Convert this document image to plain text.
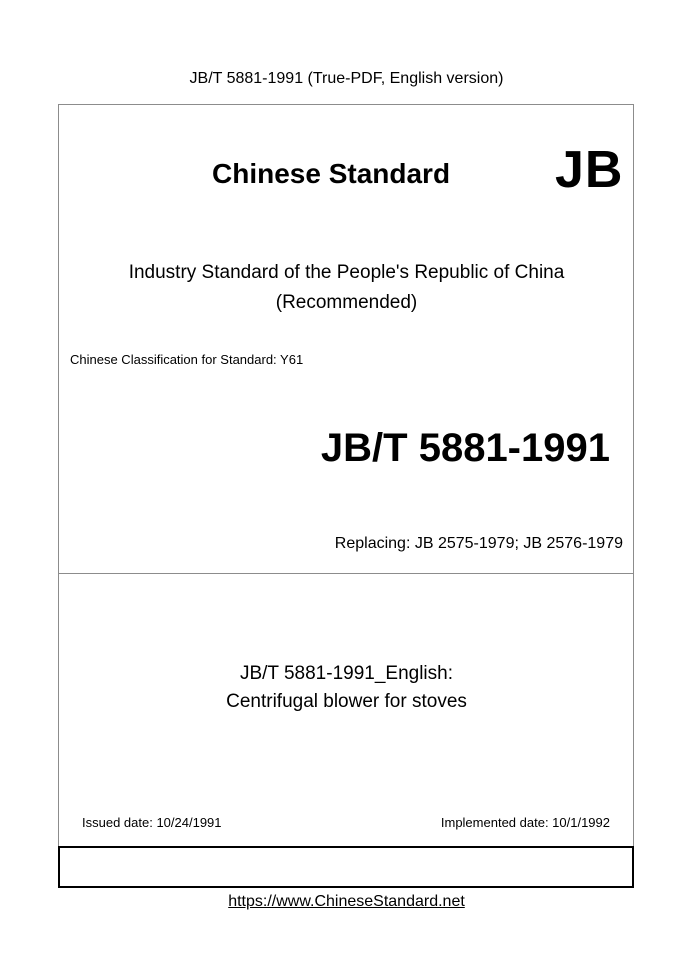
JB/T 5881-1991 (True-PDF, English version)
Chinese Standard JB
Industry Standard of the People's Republic of China
(Recommended)
Chinese Classification for Standard: Y61
JB/T 5881-1991
Replacing: JB 2575-1979; JB 2576-1979
JB/T 5881-1991_English:
Centrifugal blower for stoves
Issued date: 10/24/1991	Implemented date: 10/1/1992
https://www.ChineseStandard.net
